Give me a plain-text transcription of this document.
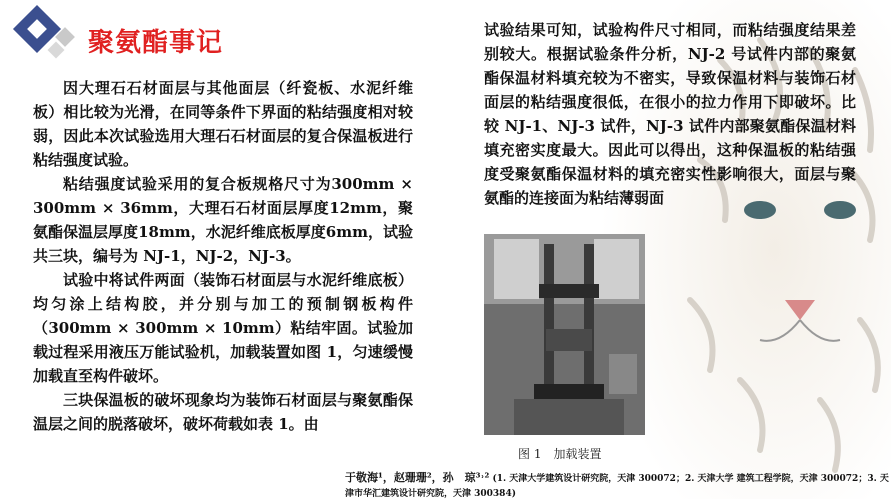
聚氨酯事记

因大理石石材面层与其他面层（纤瓷板、水泥纤维板）相比较为光滑，在同等条件下界面的粘结强度相对较弱，因此本次试验选用大理石石材面层的复合保温板进行粘结强度试验。

粘结强度试验采用的复合板规格尺寸为300mm × 300mm × 36mm，大理石石材面层厚度12mm，聚氨酯保温层厚度18mm，水泥纤维底板厚度6mm，试验共三块，编号为 NJ-1，NJ-2，NJ-3。

试验中将试件两面（装饰石材面层与水泥纤维底板）均匀涂上结构胶，并分别与加工的预制钢板构件（300mm × 300mm × 10mm）粘结牢固。试验加载过程采用液压万能试验机，加载装置如图 1，匀速缓慢加载直至构件破坏。

三块保温板的破坏现象均为装饰石材面层与聚氨酯保温层之间的脱落破坏，破坏荷载如表 1。由

试验结果可知，试验构件尺寸相同，而粘结强度结果差别较大。根据试验条件分析，NJ-2 号试件内部的聚氨酯保温材料填充较为不密实，导致保温材料与装饰石材面层的粘结强度很低，在很小的拉力作用下即破坏。比较 NJ-1、NJ-3 试件，NJ-3 试件内部聚氨酯保温材料填充密实度最大。因此可以得出，这种保温板的粘结强度受聚氨酯保温材料的填充密实性影响很大，面层与聚氨酯的连接面为粘结薄弱面

图 1　加载装置
于敬海¹，赵珊珊²，孙　琼³˒² (1. 天津大学建筑设计研究院，天津 300072；2. 天津大学 建筑工程学院，天津 300072；3. 天津市华汇建筑设计研究院，天津 300384)
